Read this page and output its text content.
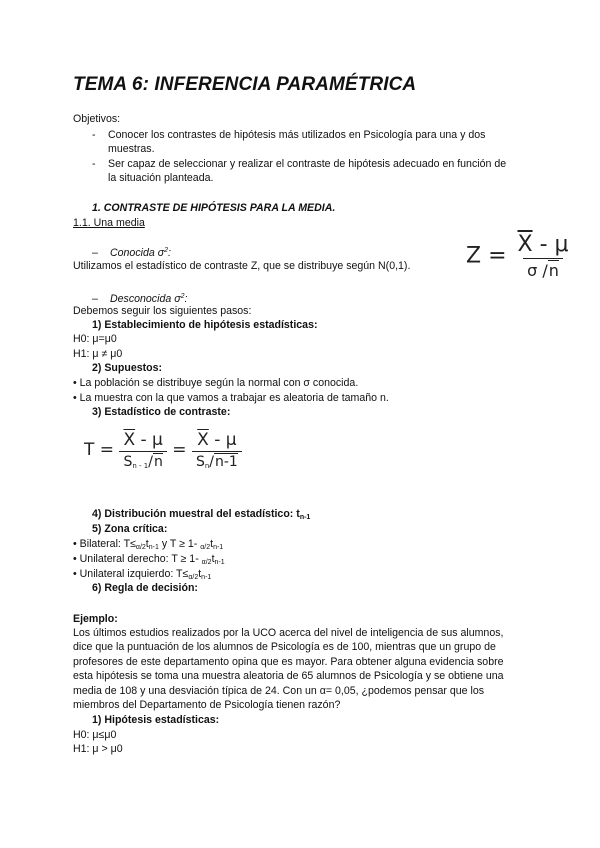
TEMA 6: INFERENCIA PARAMÉTRICA
Objetivos:
- Conocer los contrastes de hipótesis más utilizados en Psicología para una y dos
muestras.
- Ser capaz de seleccionar y realizar el contraste de hipótesis adecuado en función de
la situación planteada.
1. CONTRASTE DE HIPÓTESIS PARA LA MEDIA.
1.1. Una media
– Conocida $\sigma^2$:
Utilizamos el estadístico de contraste Z, que se distribuye según N(0,1).	$Z = \frac{\overline{X} - \mu}{\sigma /n}$
– Desconocida $\sigma^2$:
Debemos seguir los siguientes pasos:
1) Establecimiento de hipótesis estadísticas:
H0: μ=μ0
H1: μ ≠ μ0
2) Supuestos:
• La población se distribuye según la normal con σ conocida.
• La muestra con la que vamos a trabajar es aleatoria de tamaño n.
3) Estadístico de contraste:
$T = \frac{\overline{X} - \mu}{S_{n - 1}/n} = \frac{\overline{X} - \mu}{S_n/n-1}$
4) Distribución muestral del estadístico: $t_{n-1}$
5) Zona crítica:
• Bilateral: $T\le_{\alpha/2}t_{n-1}$ y T ≥ 1- $_{\alpha/2}t_{n-1}$
• Unilateral derecho: T ≥ 1- $_{\alpha/2}t_{n-1}$
• Unilateral izquierdo: $T\le_{\alpha/2}t_{n-1}$
6) Regla de decisión:
Ejemplo:
Los últimos estudios realizados por la UCO acerca del nivel de inteligencia de sus alumnos,
dice que la puntuación de los alumnos de Psicología es de 100, mientras que un grupo de
profesores de este departamento opina que es mayor. Para obtener alguna evidencia sobre
esta hipótesis se toma una muestra aleatoria de 65 alumnos de Psicología y se obtiene una
media de 108 y una desviación típica de 24. Con un α= 0,05, ¿podemos pensar que los
miembros del Departamento de Psicología tienen razón?
1) Hipótesis estadísticas:
H0: μ≤μ0
H1: μ > μ0
